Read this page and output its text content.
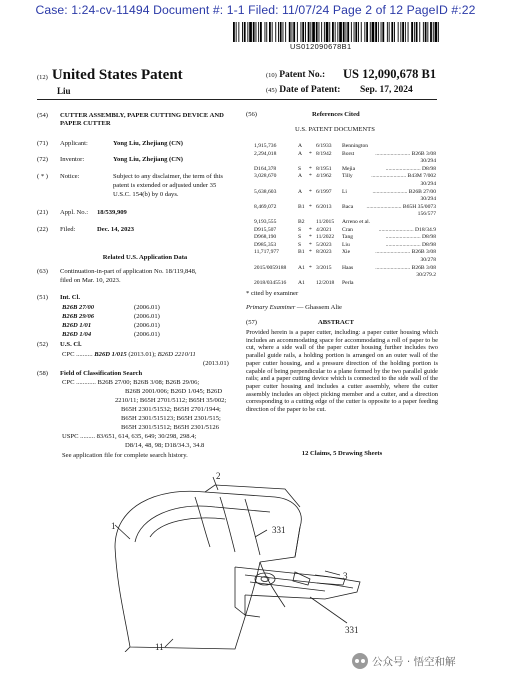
Case: 1:24-cv-11494 Document #: 1-1 Filed: 11/07/24 Page 2 of 12 PageID #:22
US012090678B1
(12) United States Patent
Liu
(10) Patent No.: US 12,090,678 B1
(45) Date of Patent: Sep. 17, 2024
(54) CUTTER ASSEMBLY, PAPER CUTTING DEVICE AND PAPER CUTTER
(71) Applicant:	Yong Liu, Zhejiang (CN)
(72) Inventor:	Yong Liu, Zhejiang (CN)
( * ) Notice:	Subject to any disclaimer, the term of this
patent is extended or adjusted under 35
U.S.C. 154(b) by 0 days.
(21) Appl. No.: 18/539,909
(22) Filed:	Dec. 14, 2023
Related U.S. Application Data
(63) Continuation-in-part of application No. 18/119,848,
filed on Mar. 10, 2023.
(51) Int. Cl.
B26B 27/00	(2006.01)
B26B 29/06	(2006.01)
B26D 1/01	(2006.01)
B26D 1/04	(2006.01)
(52) U.S. Cl.
CPC .......... B26D 1/015 (2013.01); B26D 2210/11
(2013.01)
(58) Field of Classification Search
CPC ............ B26B 27/00; B26B 3/08; B26B 29/06;
B26B 2001/006; B26D 1/045; B26D
2210/11; B65H 2701/5112; B65H 35/002;
B65H 2301/51532; B65H 2701/1944;
B65H 2301/515123; B65H 2301/515;
B65H 2301/51512; B65H 2301/5126
USPC ......... 83/651, 614, 635, 649; 30/298, 298.4;
D8/14, 48, 98; D18/34.3, 34.8
See application file for complete search history.
(56)	References Cited
U.S. PATENT DOCUMENTS
1,915,736	A 6/1933 Bennington
2,294,018	A * 8/1942 Borst	......................... B26B 3/08
30/294
D164,378	S * 8/1951 Mejia	......................... D8/98
3,028,670	A * 4/1962 Tilly	......................... B43M 7/002
30/294
5,638,603	A * 6/1997 Li	......................... B26B 27/00
30/294
8,469,072	B1 * 6/2013 Baca ......................... B65H 35/0073
156/577
9,193,555	B2 11/2015 Arreno et al.
D915,507	S * 4/2021 Cran	......................... D18/34.9
D968,190	S * 11/2022 Tang	......................... D8/98
D985,353	S * 5/2023 Liu	......................... D8/98
11,717,977	B1 * 8/2023 Xie	......................... B26B 3/08
30/278
2015/0059188 A1 * 3/2015 Haas	......................... B26B 3/08
30/279.2
2018/0345516 A1 12/2018 Perla
* cited by examiner
Primary Examiner — Ghassem Alie
(57)	ABSTRACT
Provided herein is a paper cutter, including: a paper cutter housing which includes an accommodating space for accommodating a roll of paper to be cut, where a side wall of the paper cutter housing further includes two parallel guide rails, a holding portion is arranged on an outer wall of the paper cutter housing, and a pressure direction of the holding portion is capable of being perpendicular to a plane formed by the two parallel guide rails; and a paper cutting device which is connected to the side wall of the paper cutter housing and includes a cutter assembly, where the cutter assembly includes an object picking member and a cutter, and a direction corresponding to a cutting edge of the cutter is opposite to a paper feeding direction of the paper to be cut.
12 Claims, 5 Drawing Sheets
2
1	331
3
331
11
公众号 · 悟空和解
